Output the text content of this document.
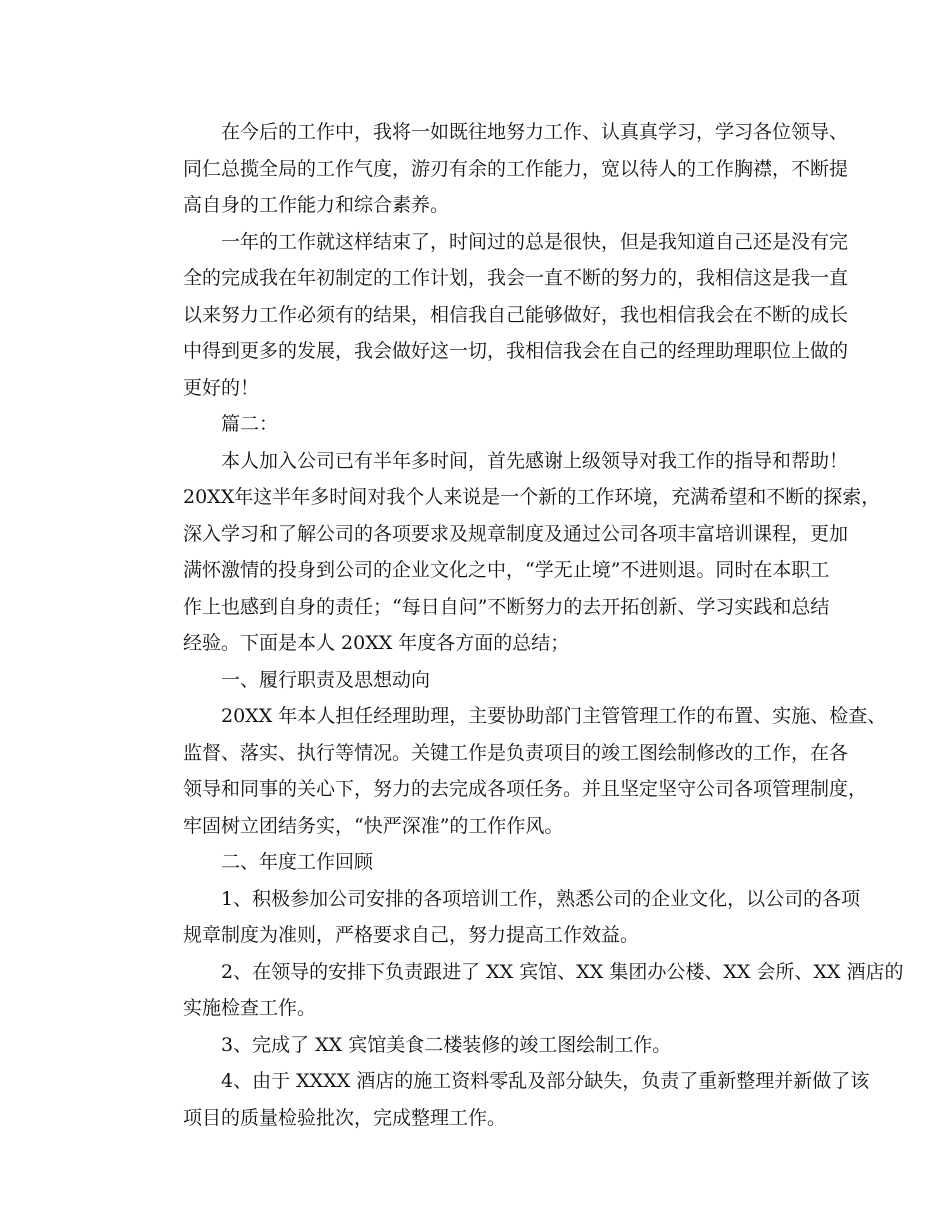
在今后的工作中，我将一如既往地努力工作、认真真学习，学习各位领导、
同仁总揽全局的工作气度，游刃有余的工作能力，宽以待人的工作胸襟，不断提
高自身的工作能力和综合素养。
一年的工作就这样结束了，时间过的总是很快，但是我知道自己还是没有完
全的完成我在年初制定的工作计划，我会一直不断的努力的，我相信这是我一直
以来努力工作必须有的结果，相信我自己能够做好，我也相信我会在不断的成长
中得到更多的发展，我会做好这一切，我相信我会在自己的经理助理职位上做的
更好的！
篇二：
本人加入公司已有半年多时间，首先感谢上级领导对我工作的指导和帮助！
20XX年这半年多时间对我个人来说是一个新的工作环境，充满希望和不断的探索，
深入学习和了解公司的各项要求及规章制度及通过公司各项丰富培训课程，更加
满怀激情的投身到公司的企业文化之中，“学无止境”不进则退。同时在本职工
作上也感到自身的责任；“每日自问”不断努力的去开拓创新、学习实践和总结
经验。下面是本人 20XX 年度各方面的总结；
一、履行职责及思想动向
20XX 年本人担任经理助理，主要协助部门主管管理工作的布置、实施、检查、
监督、落实、执行等情况。关键工作是负责项目的竣工图绘制修改的工作，在各
领导和同事的关心下，努力的去完成各项任务。并且坚定坚守公司各项管理制度，
牢固树立团结务实，“快严深准”的工作作风。
二、年度工作回顾
1、积极参加公司安排的各项培训工作，熟悉公司的企业文化，以公司的各项
规章制度为准则，严格要求自己，努力提高工作效益。
2、在领导的安排下负责跟进了 XX 宾馆、XX 集团办公楼、XX 会所、XX 酒店的
实施检查工作。
3、完成了 XX 宾馆美食二楼装修的竣工图绘制工作。
4、由于 XXXX 酒店的施工资料零乱及部分缺失，负责了重新整理并新做了该
项目的质量检验批次，完成整理工作。
